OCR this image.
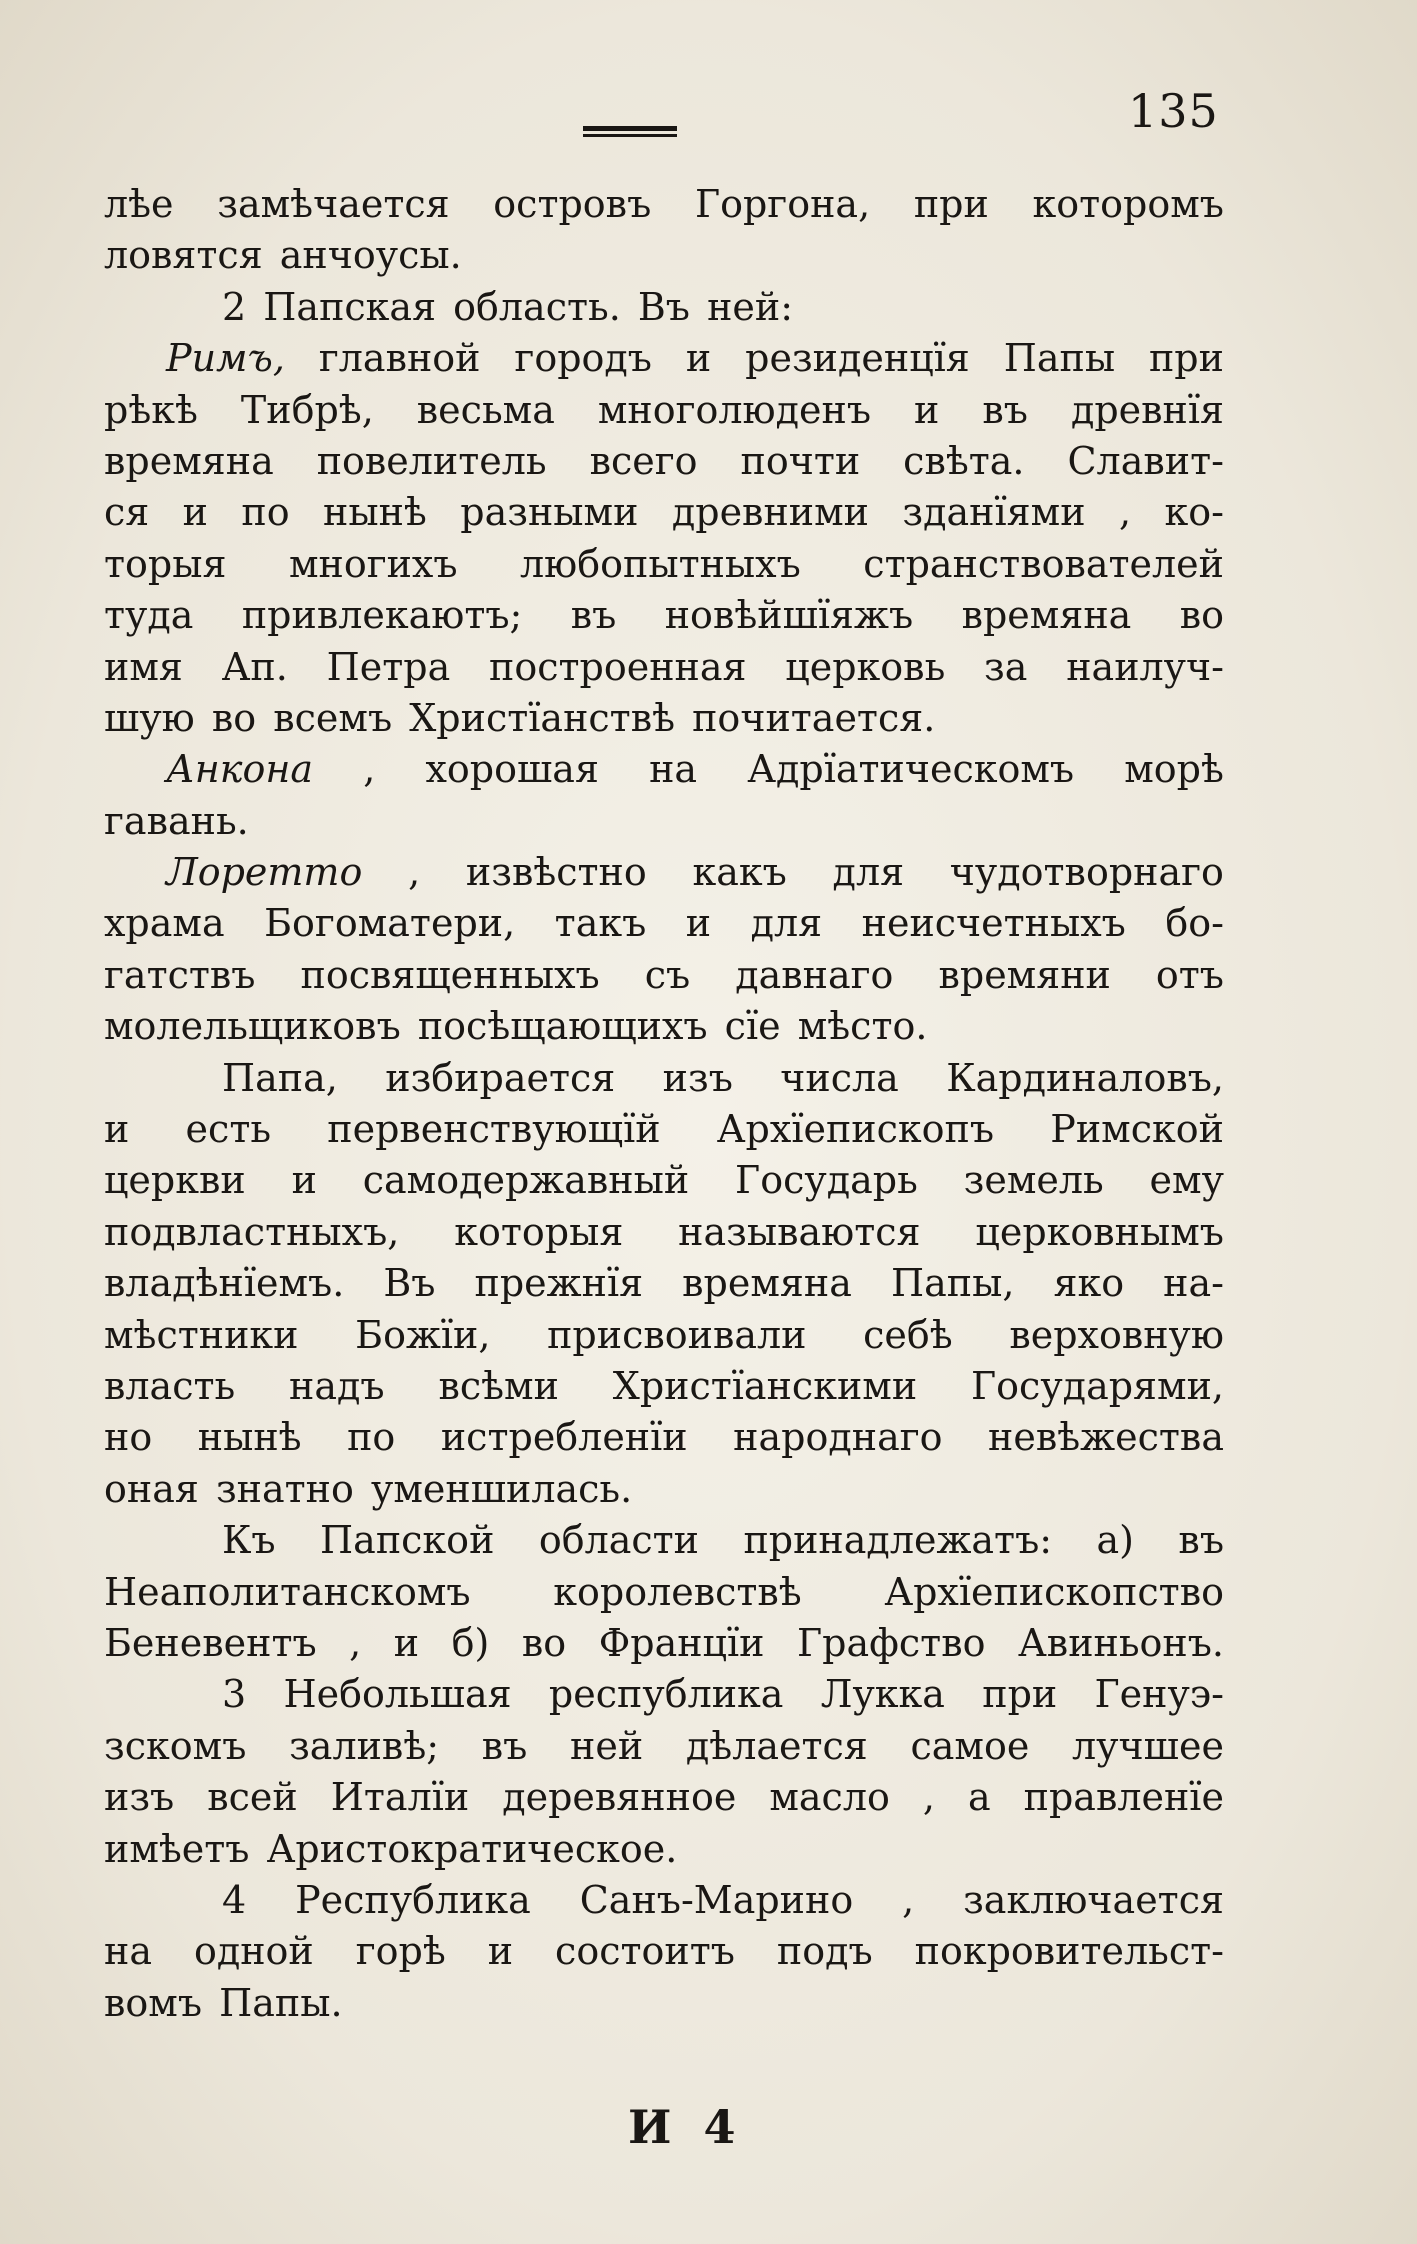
135
лѣе замѣчается островъ Горгона, при которомъ
ловятся анчоусы.
2 Папская область. Въ ней:
Римъ, главной городъ и резиденцїя Папы при
рѣкѣ Тибрѣ, весьма многолюденъ и въ древнїя
времяна повелитель всего почти свѣта. Славит-
ся и по нынѣ разными древними зданїями , ко-
торыя многихъ любопытныхъ странствователей
туда привлекаютъ; въ новѣйшїяжъ времяна во
имя Ап. Петра построенная церковь за наилуч-
шую во всемъ Христїанствѣ почитается.
Анкона , хорошая на Адрїатическомъ морѣ
гавань.
Лоретто , извѣстно какъ для чудотворнаго
храма Богоматери, такъ и для неисчетныхъ бо-
гатствъ посвященныхъ съ давнаго времяни отъ
молельщиковъ посѣщающихъ сїе мѣсто.
Папа, избирается изъ числа Кардиналовъ,
и есть первенствующїй Архїепископъ Римской
церкви и самодержавный Государь земель ему
подвластныхъ, которыя называются церковнымъ
владѣнїемъ. Въ прежнїя времяна Папы, яко на-
мѣстники Божїи, присвоивали себѣ верховную
власть надъ всѣми Христїанскими Государями,
но нынѣ по истребленїи народнаго невѣжества
оная знатно уменшилась.
Къ Папской области принадлежатъ: а) въ
Неаполитанскомъ королевствѣ Архїепископство
Беневентъ , и б) во Францїи Графство Авиньонъ.
3 Небольшая республика Лукка при Генуэ-
зскомъ заливѣ; въ ней дѣлается самое лучшее
изъ всей Италїи деревянное масло , а правленїе
имѣетъ Аристократическое.
4 Республика Санъ-Марино , заключается
на одной горѣ и состоитъ подъ покровительст-
вомъ Папы.
И 4
